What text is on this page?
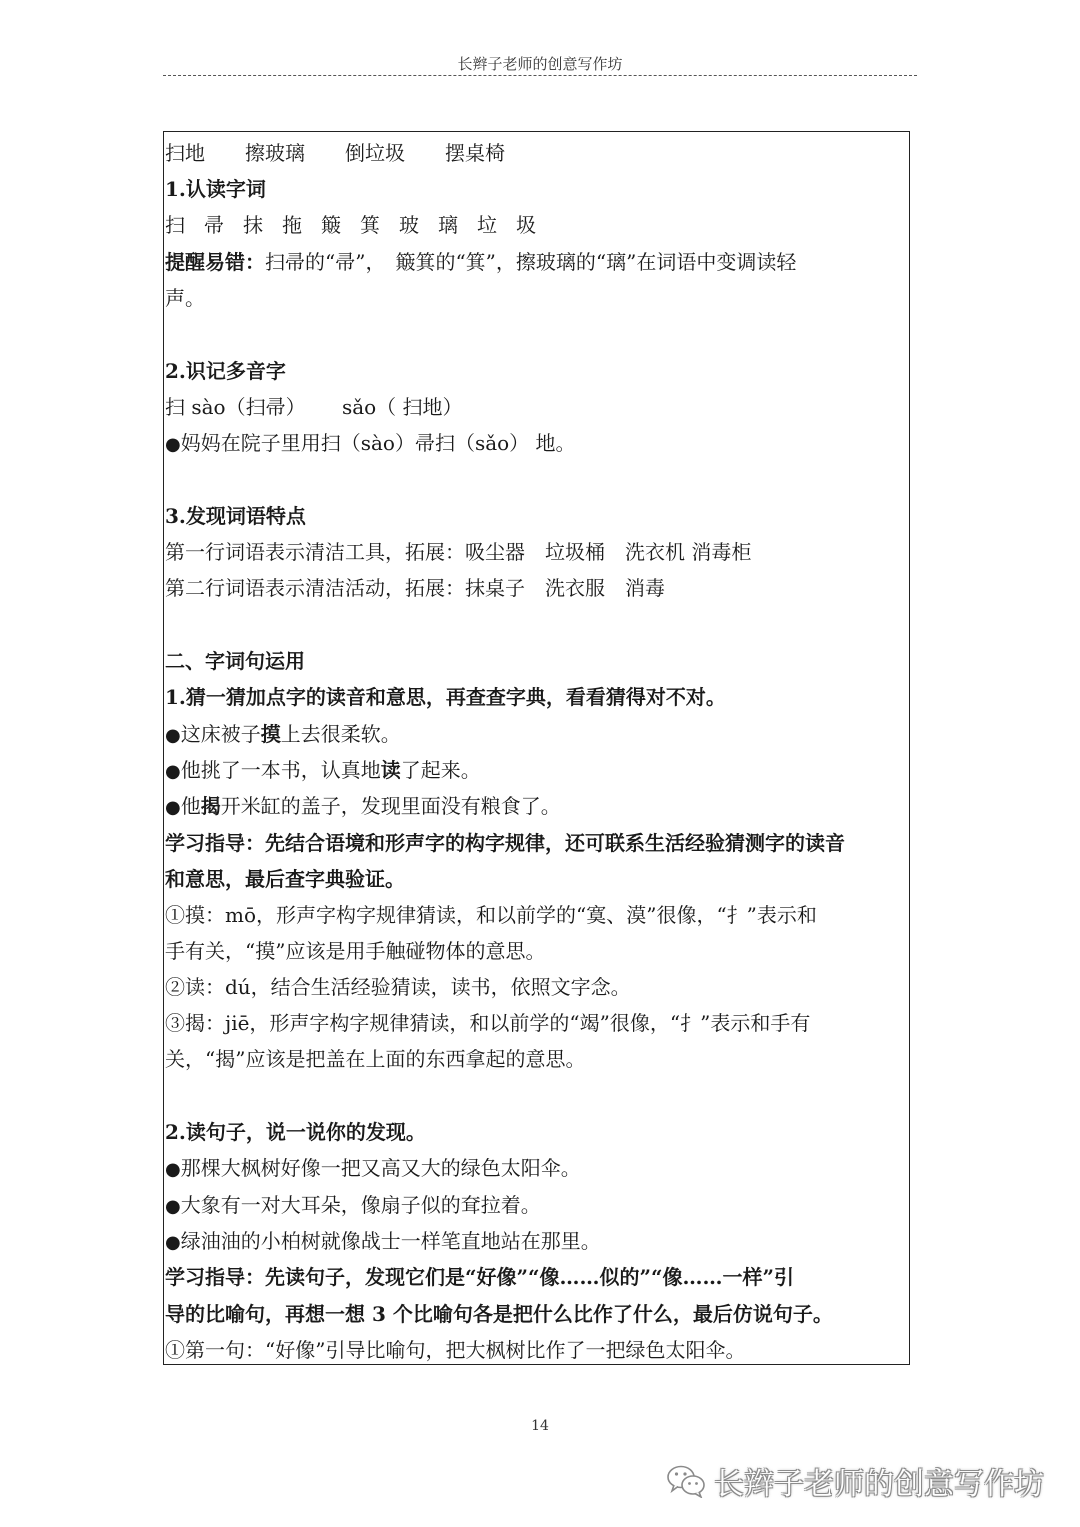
长辫子老师的创意写作坊
扫地　　擦玻璃　　倒垃圾　　摆桌椅
1.认读字词
扫帚抹拖簸箕玻璃垃圾
提醒易错：扫帚的“帚”，　簸箕的“箕”，擦玻璃的“璃”在词语中变调读轻
声。
2.识记多音字
扫 sào（扫帚）　　 sǎo（ 扫地）
●妈妈在院子里用扫（sào）帚扫（sǎo） 地。
3.发现词语特点
第一行词语表示清洁工具，拓展：吸尘器　垃圾桶　洗衣机 消毒柜
第二行词语表示清洁活动，拓展：抹桌子　洗衣服　消毒
二、字词句运用
1.猜一猜加点字的读音和意思，再查查字典，看看猜得对不对。
●这床被子摸上去很柔软。
●他挑了一本书，认真地读了起来。
●他揭开米缸的盖子，发现里面没有粮食了。
学习指导：先结合语境和形声字的构字规律，还可联系生活经验猜测字的读音
和意思，最后查字典验证。
①摸：mō，形声字构字规律猜读，和以前学的“寞、漠”很像，“扌”表示和
手有关，“摸”应该是用手触碰物体的意思。
②读：dú，结合生活经验猜读，读书，依照文字念。
③揭：jiē，形声字构字规律猜读，和以前学的“竭”很像，“扌”表示和手有
关，“揭”应该是把盖在上面的东西拿起的意思。
2.读句子，说一说你的发现。
●那棵大枫树好像一把又高又大的绿色太阳伞。
●大象有一对大耳朵，像扇子似的耷拉着。
●绿油油的小柏树就像战士一样笔直地站在那里。
学习指导：先读句子，发现它们是“好像”“像……似的”“像……一样”引
导的比喻句，再想一想 3 个比喻句各是把什么比作了什么，最后仿说句子。
①第一句：“好像”引导比喻句，把大枫树比作了一把绿色太阳伞。
14
长辫子老师的创意写作坊
